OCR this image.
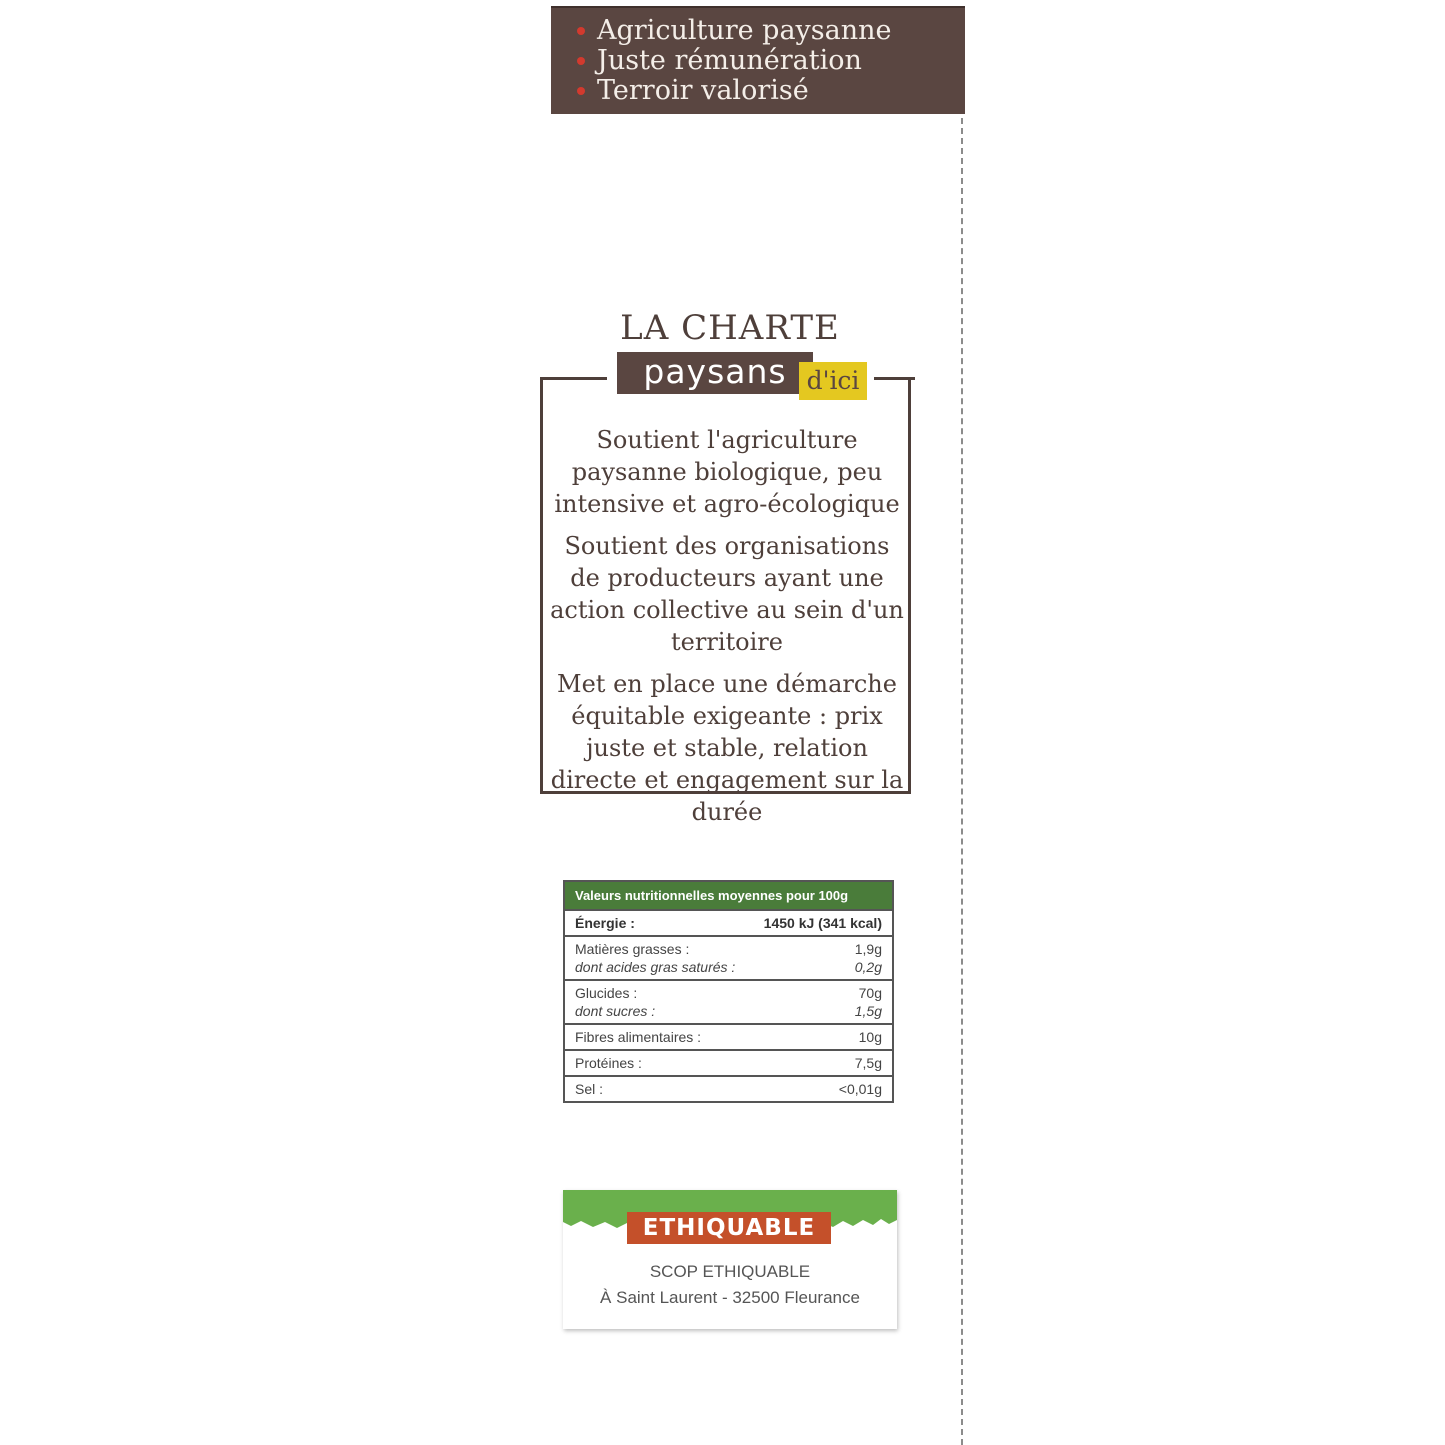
Agriculture paysanne
Juste rémunération
Terroir valorisé
LA CHARTE
paysans d'ici

Soutient l'agriculture paysanne biologique, peu intensive et agro-écologique

Soutient des organisations de producteurs ayant une action collective au sein d'un territoire

Met en place une démarche équitable exigeante : prix juste et stable, relation directe et engagement sur la durée

Valeurs nutritionnelles moyennes pour 100g
Énergie :	1450 kJ (341 kcal)
Matières grasses :	1,9g
dont acides gras saturés :	0,2g
Glucides :	70g
dont sucres :	1,5g
Fibres alimentaires :	10g
Protéines :	7,5g
Sel :	<0,01g
ETHIQUABLE
SCOP ETHIQUABLE
À Saint Laurent - 32500 Fleurance
